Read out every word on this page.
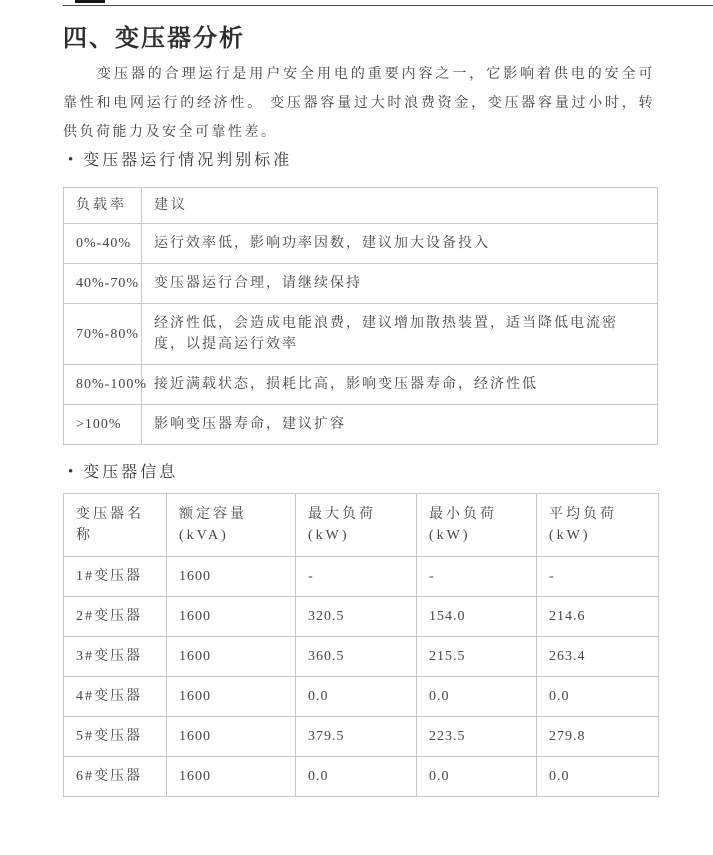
四、变压器分析

变压器的合理运行是用户安全用电的重要内容之一，它影响着供电的安全可靠性和电网运行的经济性。 变压器容量过大时浪费资金，变压器容量过小时，转供负荷能力及安全可靠性差。

• 变压器运行情况判别标准
负载率	建议
0%-40%	运行效率低，影响功率因数，建议加大设备投入
40%-70%	变压器运行合理，请继续保持
70%-80%	经济性低，会造成电能浪费，建议增加散热装置，适当降低电流密度，以提高运行效率
80%-100%	接近满载状态，损耗比高，影响变压器寿命，经济性低
>100%	影响变压器寿命，建议扩容
• 变压器信息
变压器名称	额定容量(kVA)	最大负荷(kW)	最小负荷(kW)	平均负荷(kW)
1#变压器	1600	-	-	-
2#变压器	1600	320.5	154.0	214.6
3#变压器	1600	360.5	215.5	263.4
4#变压器	1600	0.0	0.0	0.0
5#变压器	1600	379.5	223.5	279.8
6#变压器	1600	0.0	0.0	0.0
